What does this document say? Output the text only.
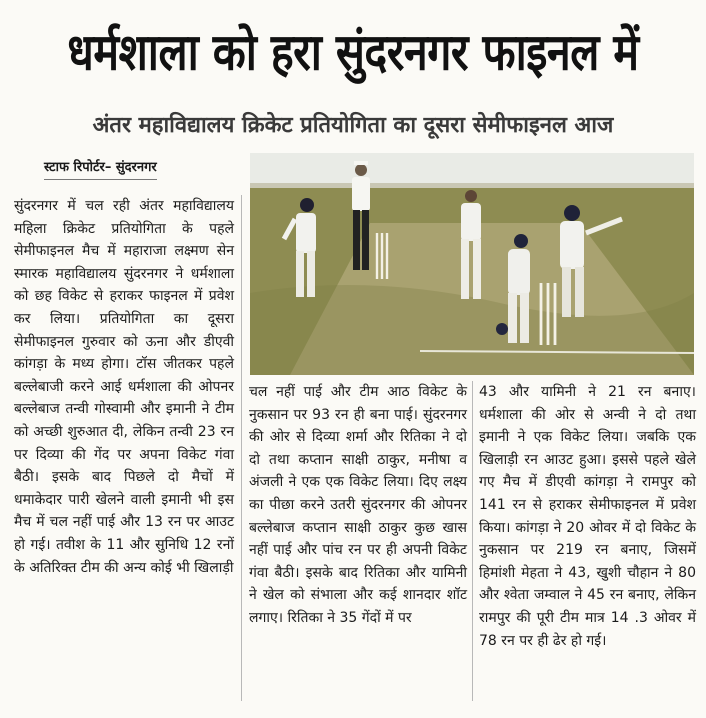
धर्मशाला को हरा सुंदरनगर फाइनल में
अंतर महाविद्यालय क्रिकेट प्रतियोगिता का दूसरा सेमीफाइनल आज
स्टाफ रिपोर्टर– सुंदरनगर

सुंदरनगर में चल रही अंतर महाविद्यालय महिला क्रिकेट प्रतियोगिता के पहले सेमीफाइनल मैच में महाराजा लक्ष्मण सेन स्मारक महाविद्यालय सुंदरनगर ने धर्मशाला को छह विकेट से हराकर फाइनल में प्रवेश कर लिया। प्रतियोगिता का दूसरा सेमीफाइनल गुरुवार को ऊना और डीएवी कांगड़ा के मध्य होगा। टॉस जीतकर पहले बल्लेबाजी करने आई धर्मशाला की ओपनर बल्लेबाज तन्वी गोस्वामी और इमानी ने टीम को अच्छी शुरुआत दी, लेकिन तन्वी 23 रन पर दिव्या की गेंद पर अपना विकेट गंवा बैठी। इसके बाद पिछले दो मैचों में धमाकेदार पारी खेलने वाली इमानी भी इस मैच में चल नहीं पाई और 13 रन पर आउट हो गई। तवीश के 11 और सुनिधि 12 रनों के अतिरिक्त टीम की अन्य कोई भी खिलाड़ी

चल नहीं पाई और टीम आठ विकेट के नुकसान पर 93 रन ही बना पाई। सुंदरनगर की ओर से दिव्या शर्मा और रितिका ने दो दो तथा कप्तान साक्षी ठाकुर, मनीषा व अंजली ने एक एक विकेट लिया। दिए लक्ष्य का पीछा करने उतरी सुंदरनगर की ओपनर बल्लेबाज कप्तान साक्षी ठाकुर कुछ खास नहीं पाई और पांच रन पर ही अपनी विकेट गंवा बैठी। इसके बाद रितिका और यामिनी ने खेल को संभाला और कई शानदार शॉट लगाए। रितिका ने 35 गेंदों में पर

43 और यामिनी ने 21 रन बनाए। धर्मशाला की ओर से अन्वी ने दो तथा इमानी ने एक विकेट लिया। जबकि एक खिलाड़ी रन आउट हुआ। इससे पहले खेले गए मैच में डीएवी कांगड़ा ने रामपुर को 141 रन से हराकर सेमीफाइनल में प्रवेश किया। कांगड़ा ने 20 ओवर में दो विकेट के नुकसान पर 219 रन बनाए, जिसमें हिमांशी मेहता ने 43, खुशी चौहान ने 80 और श्वेता जम्वाल ने 45 रन बनाए, लेकिन रामपुर की पूरी टीम मात्र 14 .3 ओवर में 78 रन पर ही ढेर हो गई।
